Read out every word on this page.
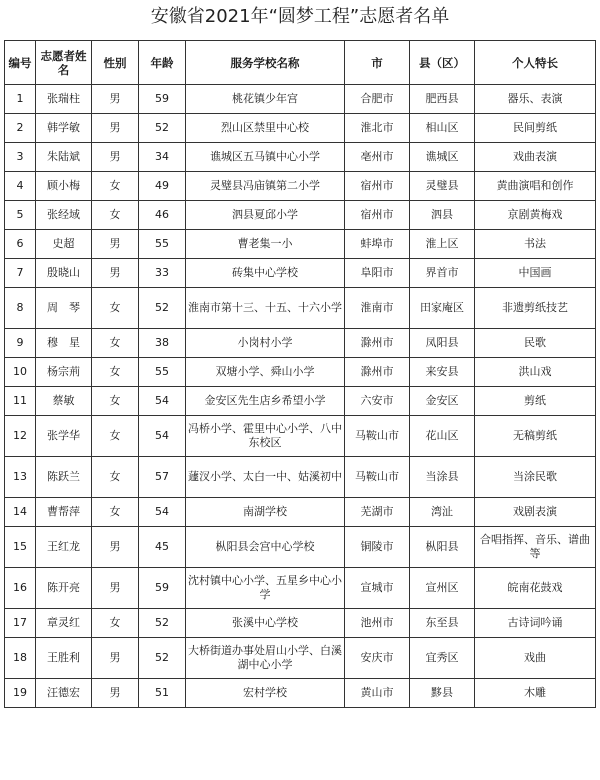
安徽省2021年“圆梦工程”志愿者名单
编号	志愿者姓名	性别	年龄	服务学校名称	市	县（区）	个人特长
1	张瑞柱	男	59	桃花镇少年宫	合肥市	肥西县	器乐、表演
2	韩学敏	男	52	烈山区禁里中心校	淮北市	相山区	民间剪纸
3	朱陆斌	男	34	谯城区五马镇中心小学	亳州市	谯城区	戏曲表演
4	顾小梅	女	49	灵璧县冯庙镇第二小学	宿州市	灵璧县	黄曲演唱和创作
5	张经域	女	46	泗县夏邱小学	宿州市	泗县	京剧黄梅戏
6	史超	男	55	曹老集一小	蚌埠市	淮上区	书法
7	殷晓山	男	33	砖集中心学校	阜阳市	界首市	中国画
8	周　琴	女	52	淮南市第十三、十五、十六小学	淮南市	田家庵区	非遗剪纸技艺
9	穆　星	女	38	小岗村小学	滁州市	凤阳县	民歌
10	杨宗荊	女	55	双塘小学、舜山小学	滁州市	来安县	洪山戏
11	蔡敏	女	54	金安区先生店乡希望小学	六安市	金安区	剪纸
12	张学华	女	54	冯桥小学、霍里中心小学、八中东校区	马鞍山市	花山区	无稿剪纸
13	陈跃兰	女	57	蘧汊小学、太白一中、姑溪初中	马鞍山市	当涂县	当涂民歌
14	曹帮萍	女	54	南湖学校	芜湖市	湾沚	戏剧表演
15	王红龙	男	45	枞阳县会宫中心学校	铜陵市	枞阳县	合唱指挥、音乐、谱曲等
16	陈开亮	男	59	沈村镇中心小学、五星乡中心小学	宣城市	宣州区	皖南花鼓戏
17	章灵红	女	52	张溪中心学校	池州市	东至县	古诗词吟诵
18	王胜利	男	52	大桥街道办事处眉山小学、白溪湖中心小学	安庆市	宜秀区	戏曲
19	汪德宏	男	51	宏村学校	黄山市	黟县	木雕
